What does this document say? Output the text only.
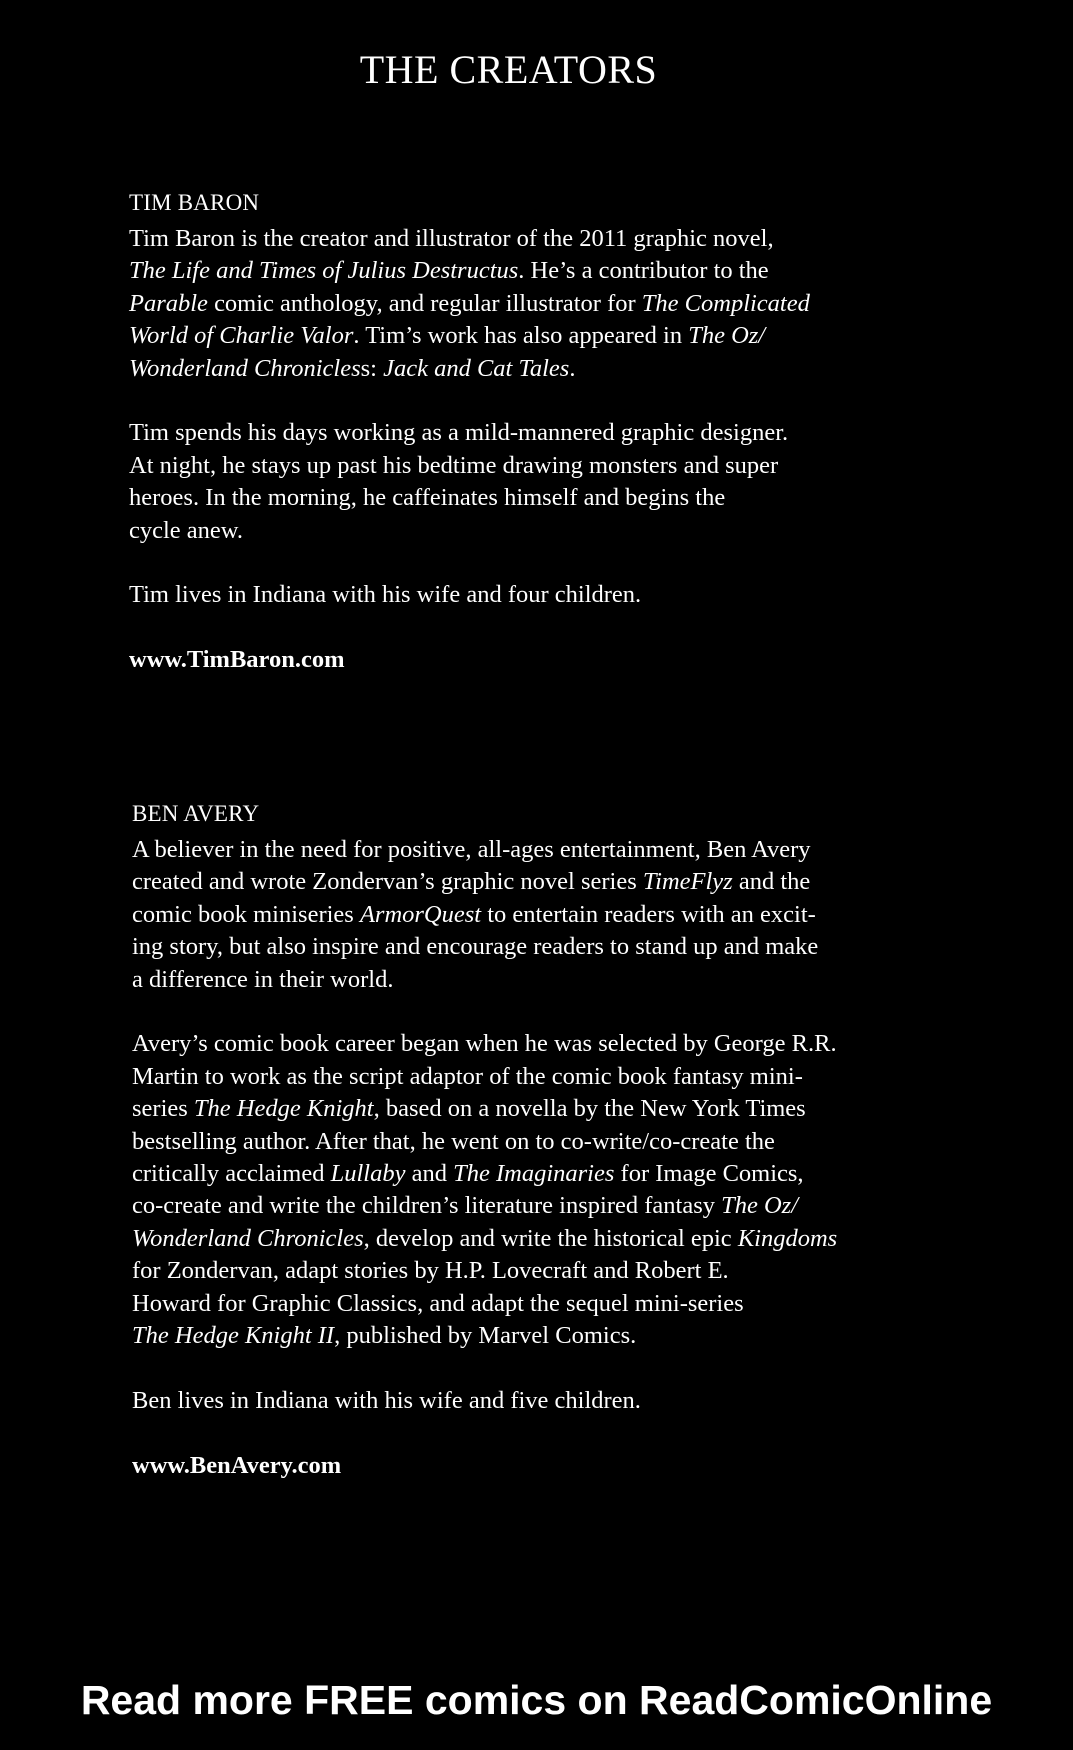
THE CREATORS
TIM BARON
Tim Baron is the creator and illustrator of the 2011 graphic novel,
The Life and Times of Julius Destructus. He’s a contributor to the
Parable comic anthology, and regular illustrator for The Complicated
World of Charlie Valor. Tim’s work has also appeared in The Oz/
Wonderland Chronicless: Jack and Cat Tales.
Tim spends his days working as a mild-mannered graphic designer.
At night, he stays up past his bedtime drawing monsters and super
heroes. In the morning, he caffeinates himself and begins the
cycle anew.
Tim lives in Indiana with his wife and four children.
www.TimBaron.com
BEN AVERY
A believer in the need for positive, all-ages entertainment, Ben Avery
created and wrote Zondervan’s graphic novel series TimeFlyz and the
comic book miniseries ArmorQuest to entertain readers with an excit-
ing story, but also inspire and encourage readers to stand up and make
a difference in their world.
Avery’s comic book career began when he was selected by George R.R.
Martin to work as the script adaptor of the comic book fantasy mini-
series The Hedge Knight, based on a novella by the New York Times
bestselling author. After that, he went on to co-write/co-create the
critically acclaimed Lullaby and The Imaginaries for Image Comics,
co-create and write the children’s literature inspired fantasy The Oz/
Wonderland Chronicles, develop and write the historical epic Kingdoms
for Zondervan, adapt stories by H.P. Lovecraft and Robert E.
Howard for Graphic Classics, and adapt the sequel mini-series
The Hedge Knight II, published by Marvel Comics.
Ben lives in Indiana with his wife and five children.
www.BenAvery.com
Read more FREE comics on ReadComicOnline
